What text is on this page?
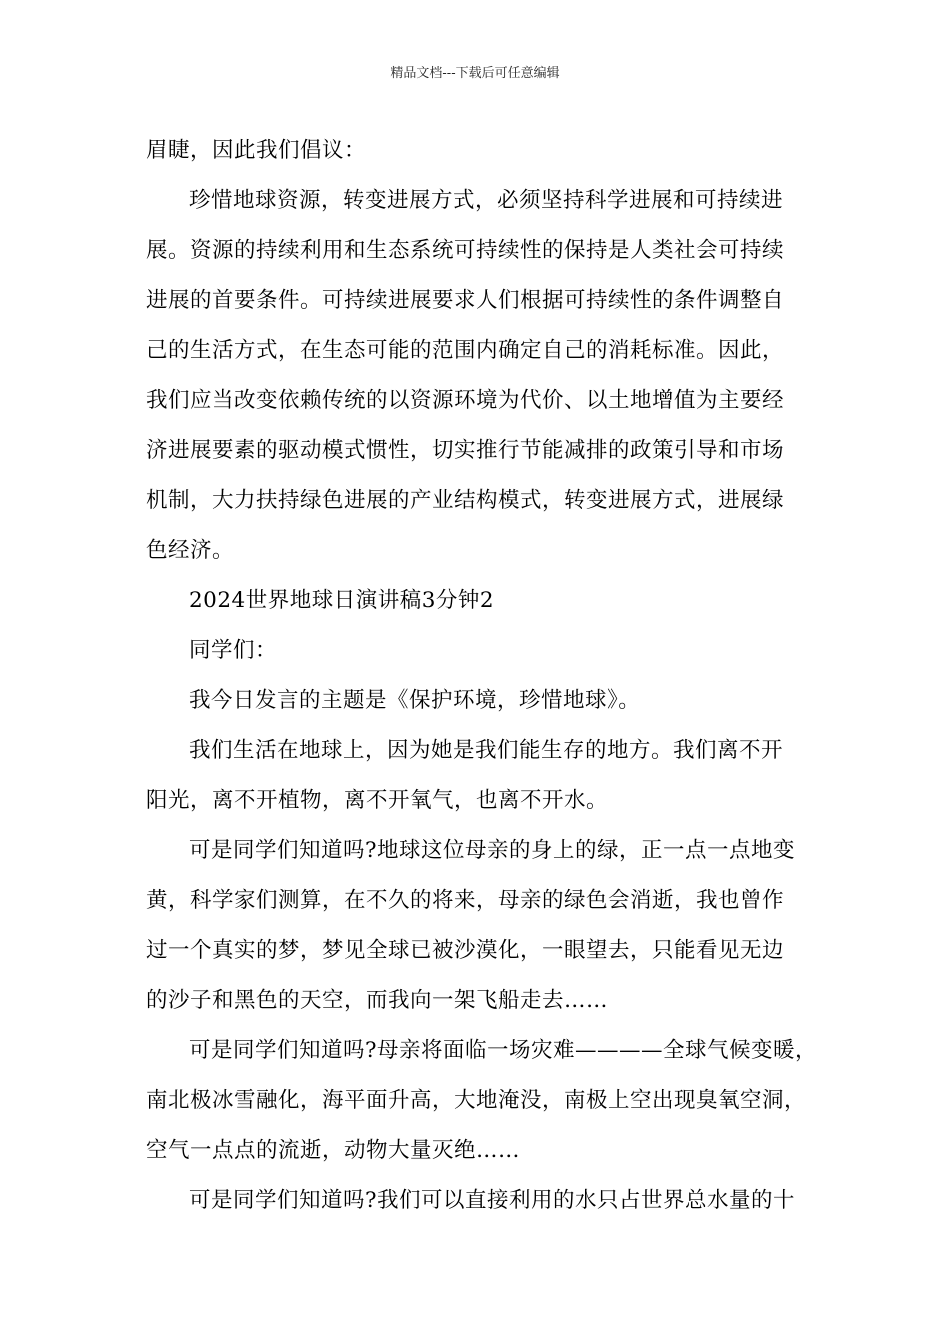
精品文档---下载后可任意编辑
眉睫，因此我们倡议：
珍惜地球资源，转变进展方式，必须坚持科学进展和可持续进
展。资源的持续利用和生态系统可持续性的保持是人类社会可持续
进展的首要条件。可持续进展要求人们根据可持续性的条件调整自
己的生活方式，在生态可能的范围内确定自己的消耗标准。因此，
我们应当改变依赖传统的以资源环境为代价、以土地增值为主要经
济进展要素的驱动模式惯性，切实推行节能减排的政策引导和市场
机制，大力扶持绿色进展的产业结构模式，转变进展方式，进展绿
色经济。
2024世界地球日演讲稿3分钟2
同学们：
我今日发言的主题是《保护环境，珍惜地球》。
我们生活在地球上，因为她是我们能生存的地方。我们离不开
阳光，离不开植物，离不开氧气，也离不开水。
可是同学们知道吗?地球这位母亲的身上的绿，正一点一点地变
黄，科学家们测算，在不久的将来，母亲的绿色会消逝，我也曾作
过一个真实的梦，梦见全球已被沙漠化，一眼望去，只能看见无边
的沙子和黑色的天空，而我向一架飞船走去……
可是同学们知道吗?母亲将面临一场灾难————全球气候变暖，
南北极冰雪融化，海平面升高，大地淹没，南极上空出现臭氧空洞，
空气一点点的流逝，动物大量灭绝……
可是同学们知道吗?我们可以直接利用的水只占世界总水量的十
